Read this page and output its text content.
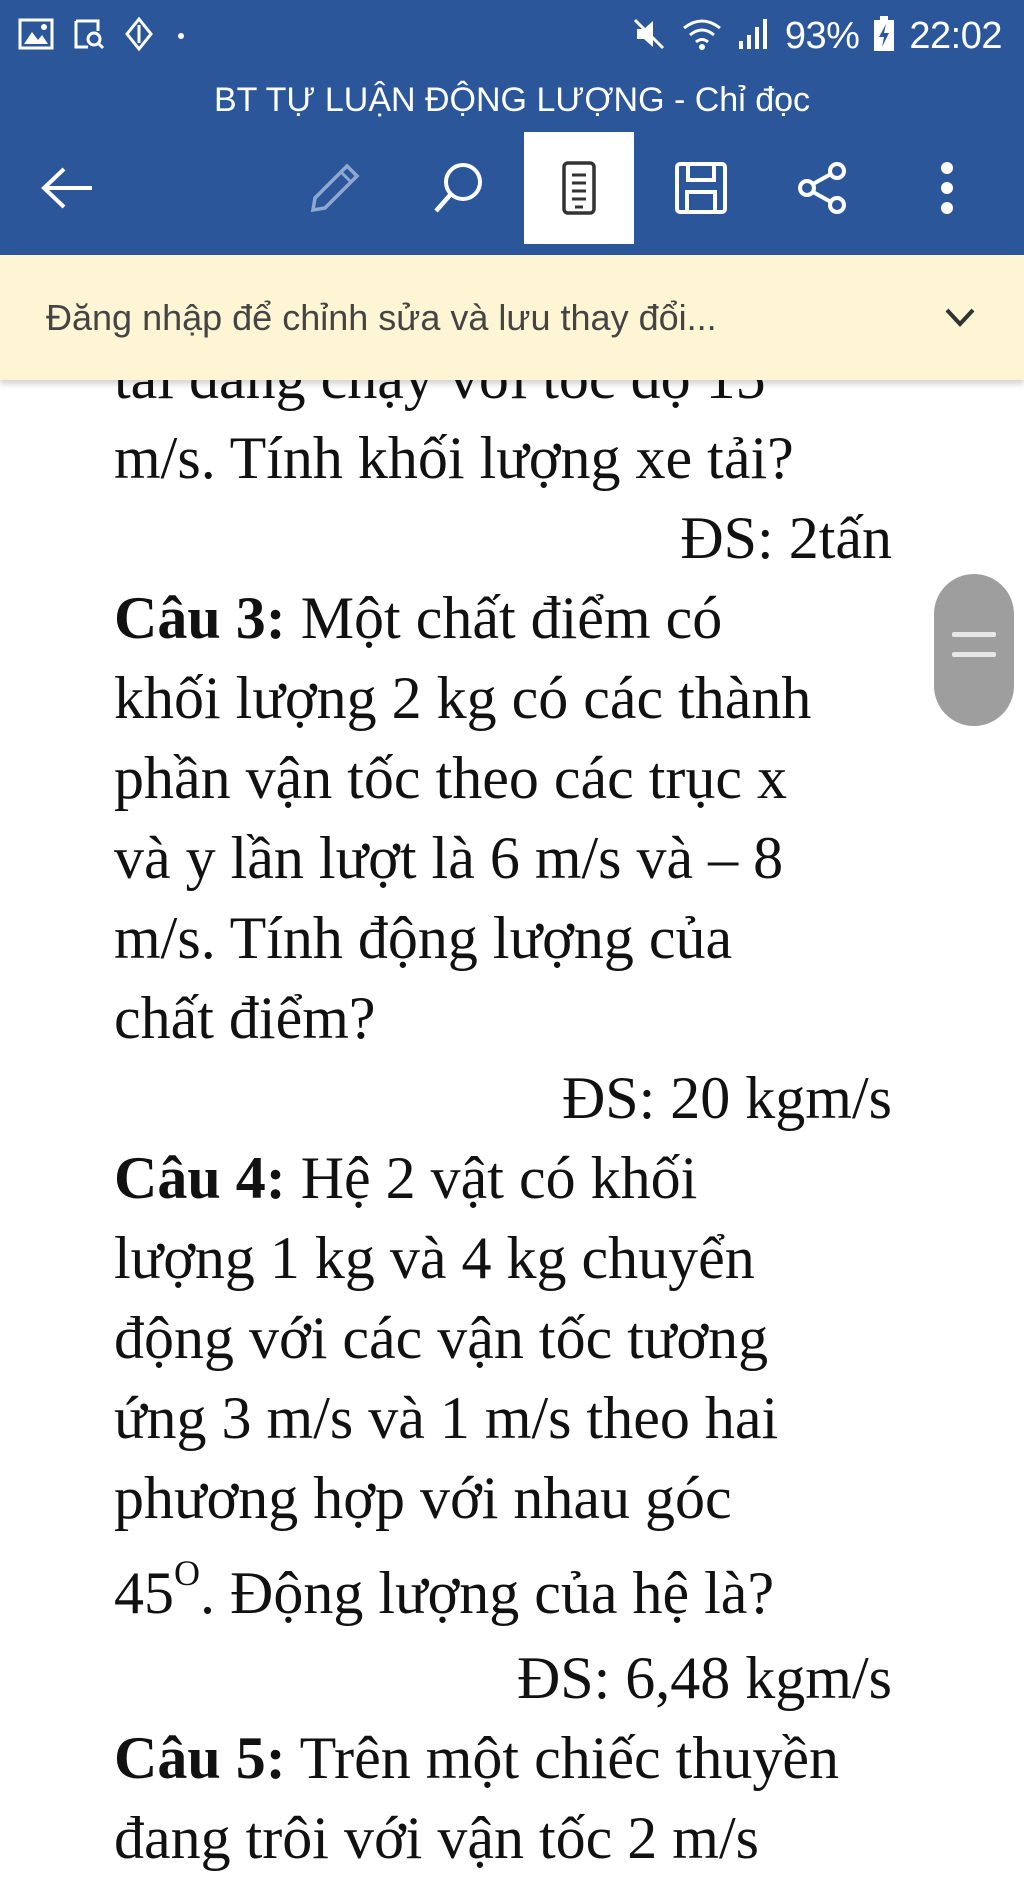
93% 22:02
BT TỰ LUẬN ĐỘNG LƯỢNG - Chỉ đọc
Đăng nhập để chỉnh sửa và lưu thay đổi...
m/s. Tính khối lượng xe tải?
ĐS: 2tấn
Câu 3: Một chất điểm có
khối lượng 2 kg có các thành
phần vận tốc theo các trục x
và y lần lượt là 6 m/s và – 8
m/s. Tính động lượng của
chất điểm?
ĐS: 20 kgm/s
Câu 4: Hệ 2 vật có khối
lượng 1 kg và 4 kg chuyển
động với các vận tốc tương
ứng 3 m/s và 1 m/s theo hai
phương hợp với nhau góc
$45^O$. Động lượng của hệ là?
ĐS: 6,48 kgm/s
Câu 5: Trên một chiếc thuyền
đang trôi với vận tốc 2 m/s
